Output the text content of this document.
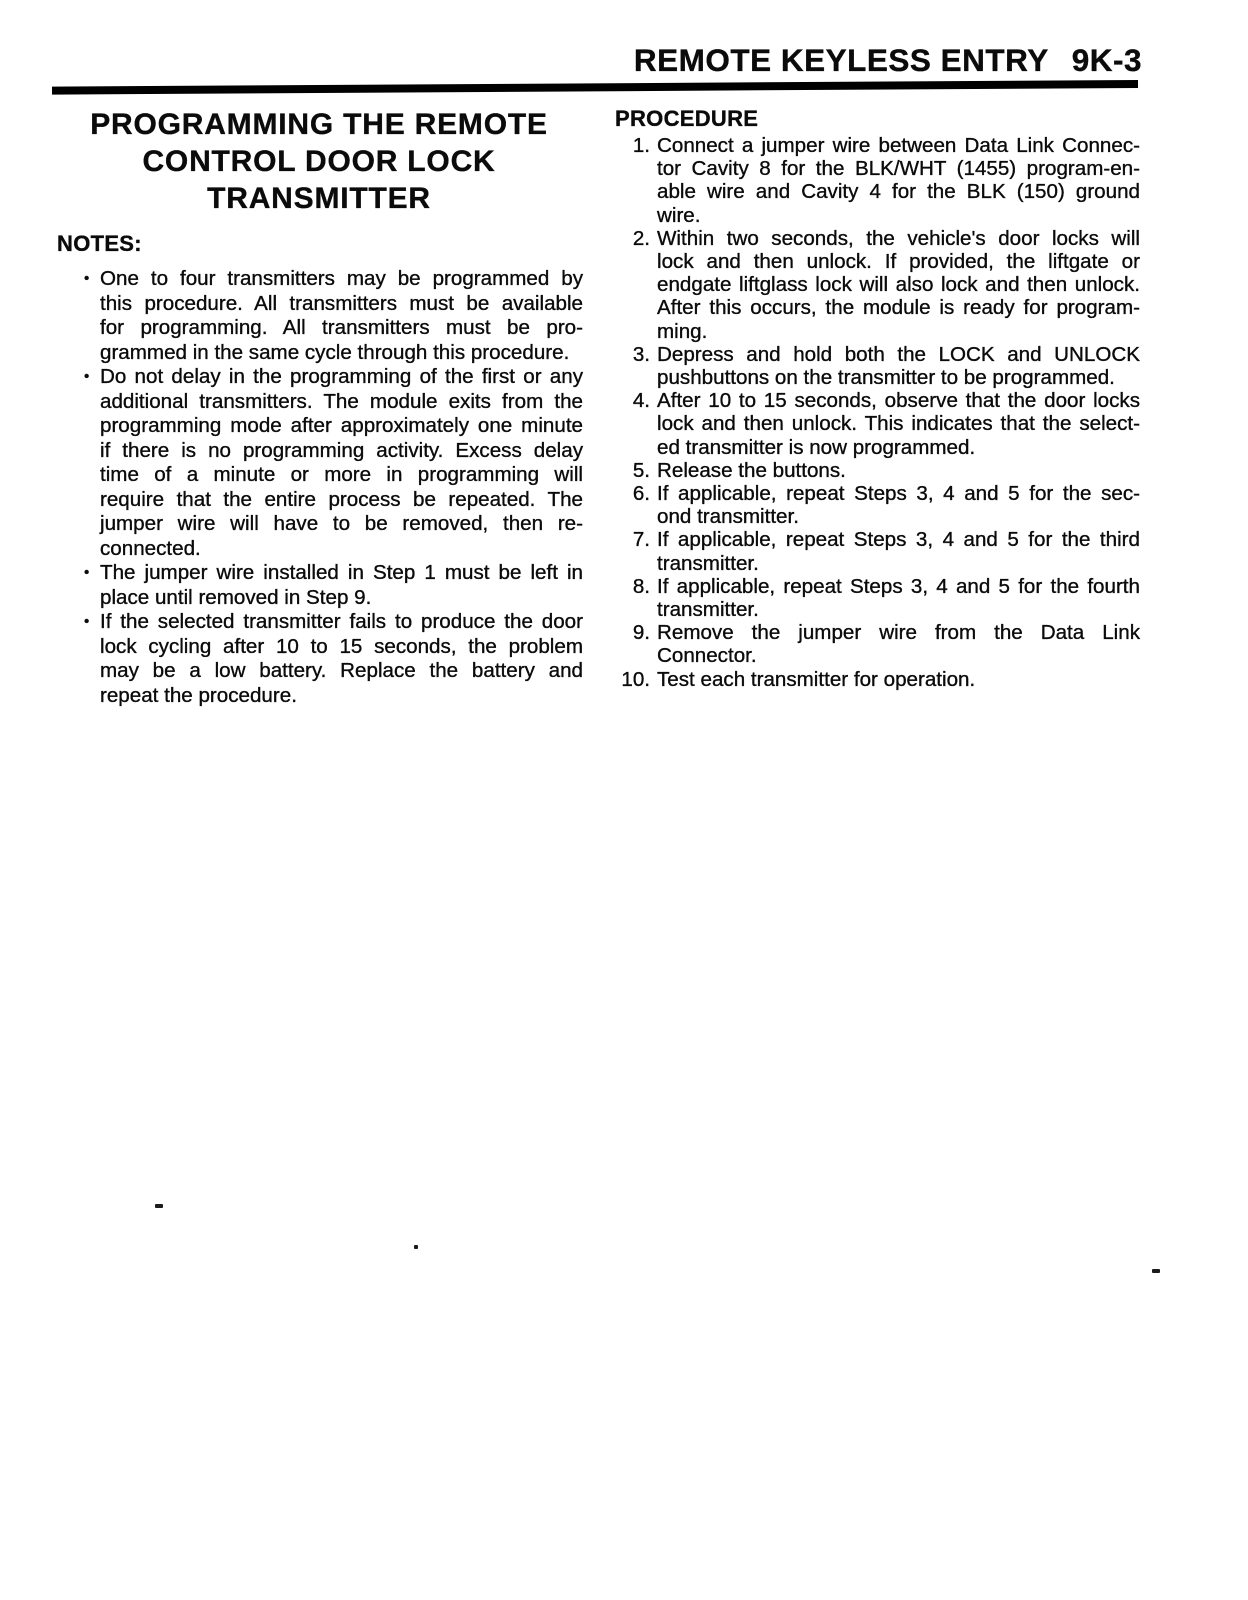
REMOTE KEYLESS ENTRY 9K-3
PROGRAMMING THE REMOTE
CONTROL DOOR LOCK
TRANSMITTER
NOTES:
• One to four transmitters may be programmed by
this procedure. All transmitters must be available
for programming. All transmitters must be pro-
grammed in the same cycle through this procedure.
• Do not delay in the programming of the first or any
additional transmitters. The module exits from the
programming mode after approximately one minute
if there is no programming activity. Excess delay
time of a minute or more in programming will
require that the entire process be repeated. The
jumper wire will have to be removed, then re-
connected.
• The jumper wire installed in Step 1 must be left in
place until removed in Step 9.
• If the selected transmitter fails to produce the door
lock cycling after 10 to 15 seconds, the problem
may be a low battery. Replace the battery and
repeat the procedure.
PROCEDURE
1. Connect a jumper wire between Data Link Connec-
tor Cavity 8 for the BLK/WHT (1455) program-en-
able wire and Cavity 4 for the BLK (150) ground
wire.
2. Within two seconds, the vehicle's door locks will
lock and then unlock. If provided, the liftgate or
endgate liftglass lock will also lock and then unlock.
After this occurs, the module is ready for program-
ming.
3. Depress and hold both the LOCK and UNLOCK
pushbuttons on the transmitter to be programmed.
4. After 10 to 15 seconds, observe that the door locks
lock and then unlock. This indicates that the select-
ed transmitter is now programmed.
5. Release the buttons.
6. If applicable, repeat Steps 3, 4 and 5 for the sec-
ond transmitter.
7. If applicable, repeat Steps 3, 4 and 5 for the third
transmitter.
8. If applicable, repeat Steps 3, 4 and 5 for the fourth
transmitter.
9. Remove the jumper wire from the Data Link
Connector.
10. Test each transmitter for operation.
